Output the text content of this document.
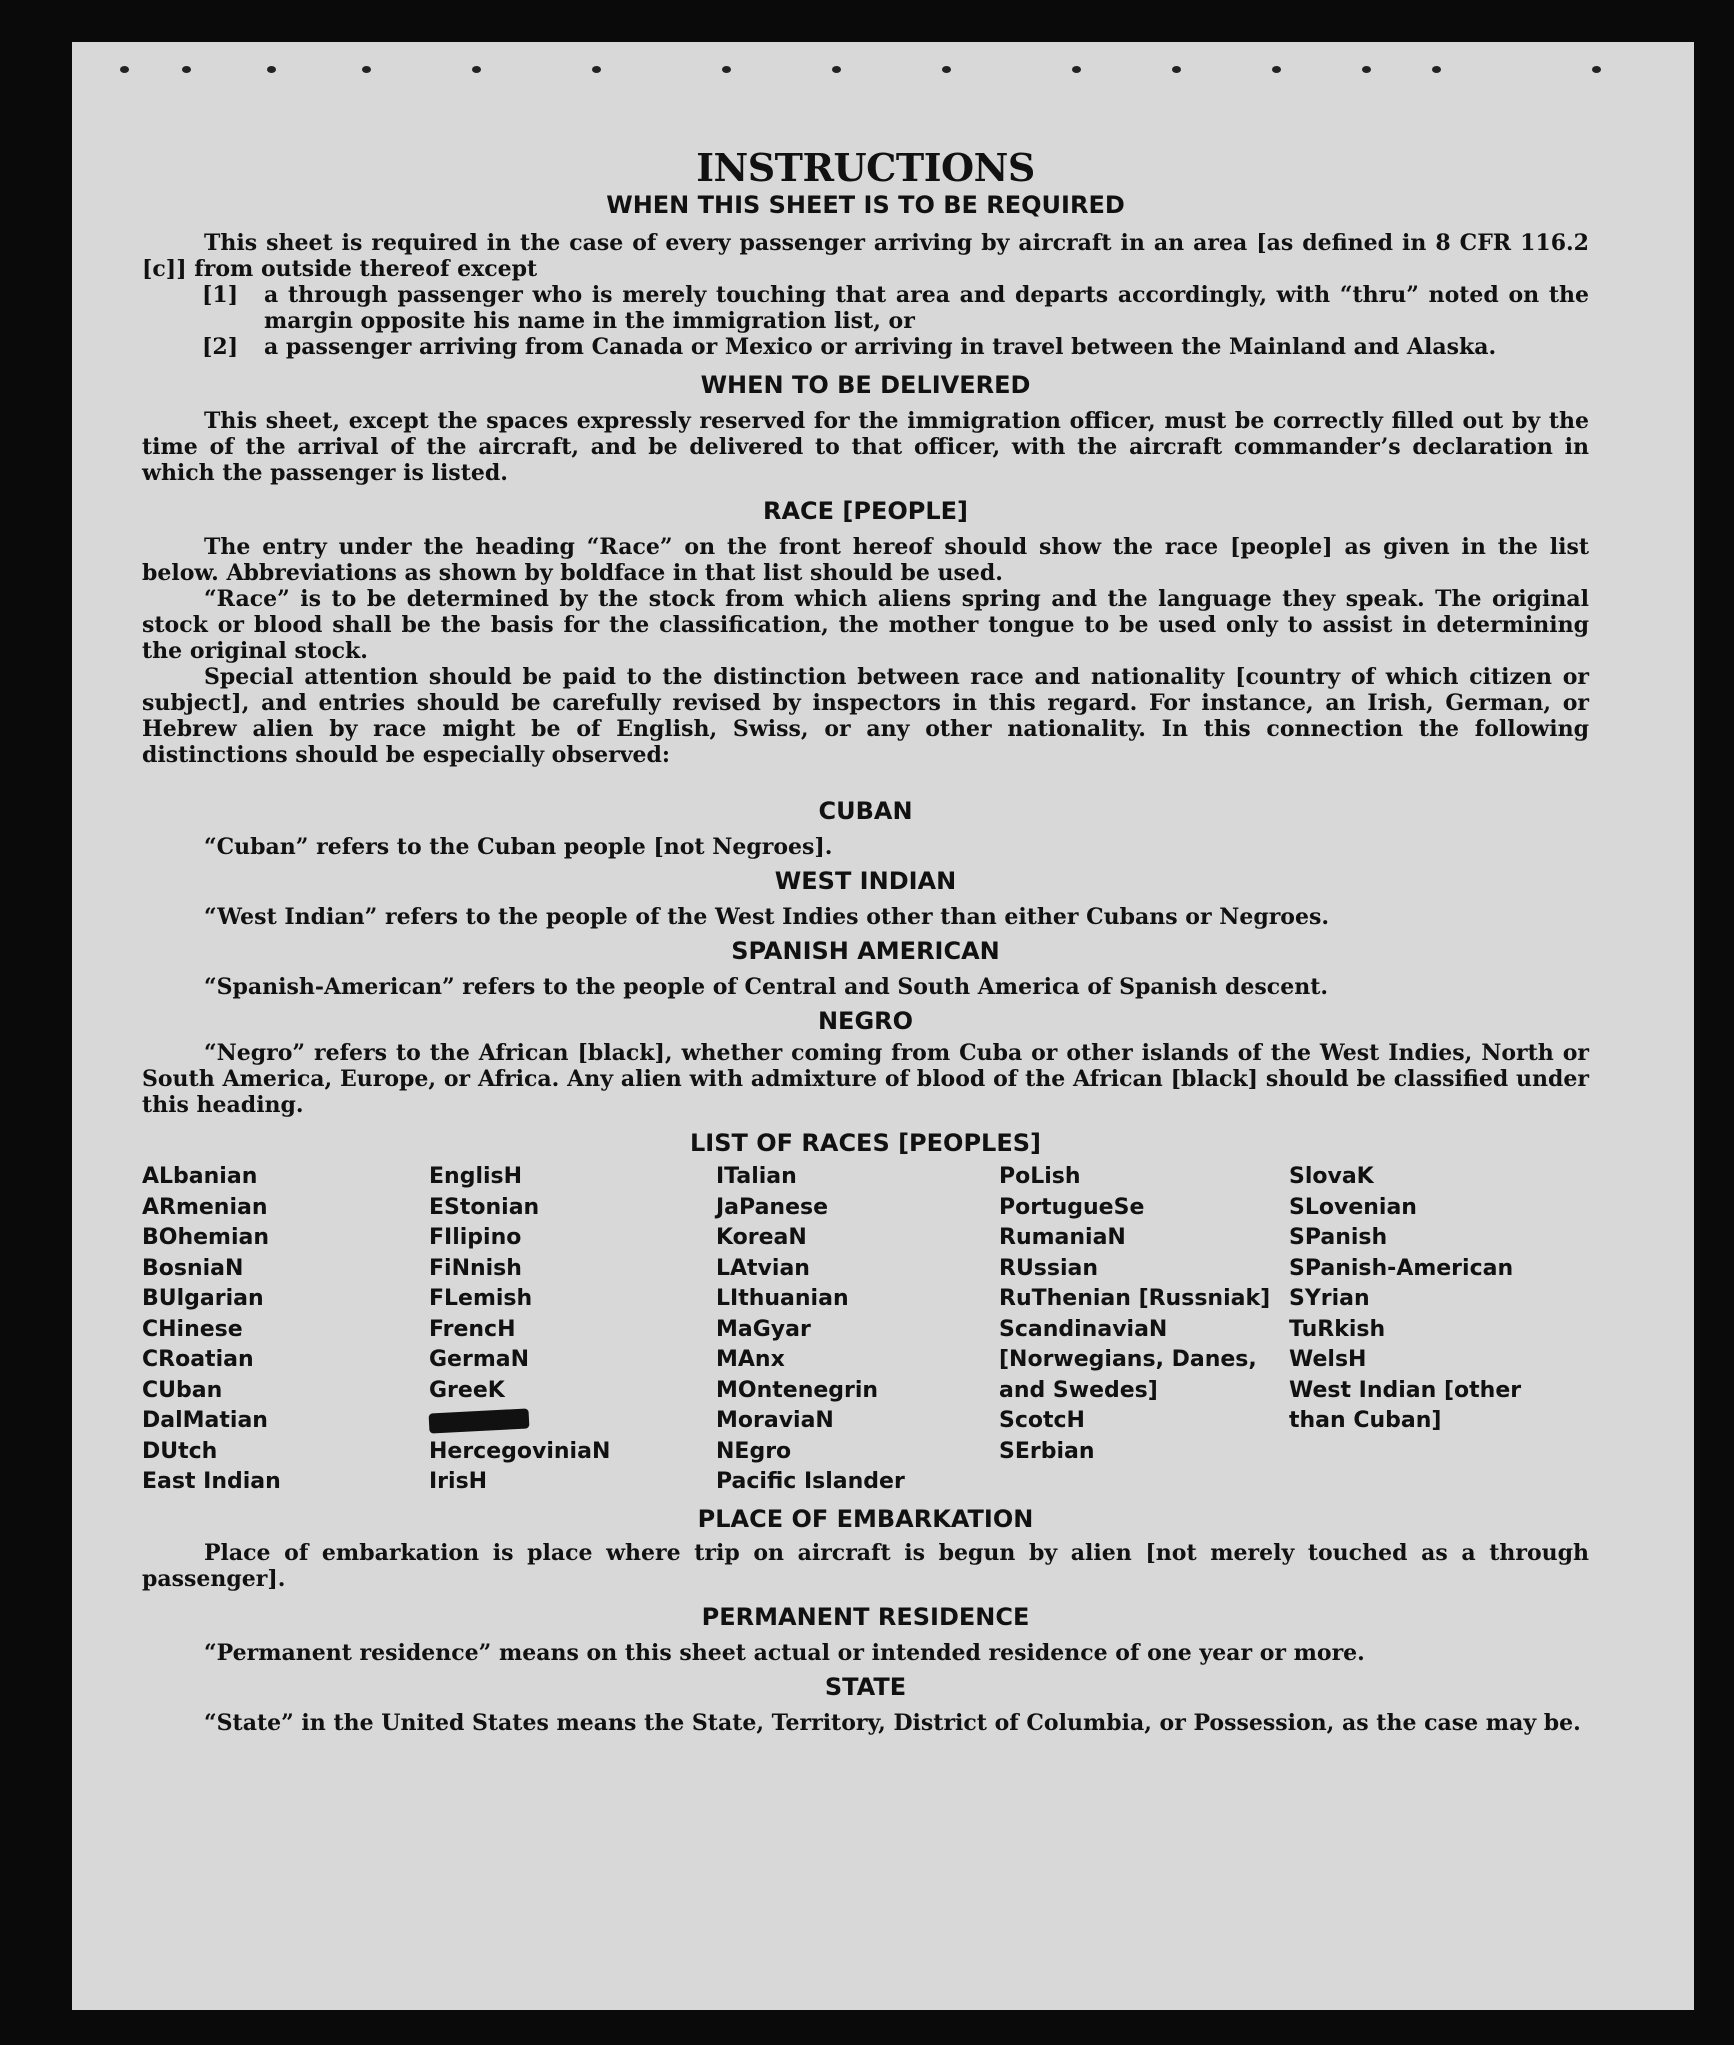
INSTRUCTIONS
WHEN THIS SHEET IS TO BE REQUIRED

This sheet is required in the case of every passenger arriving by aircraft in an area [as defined in 8 CFR 116.2 [c]] from outside thereof except

[1]	a through passenger who is merely touching that area and departs accordingly, with “thru” noted on the margin opposite his name in the immigration list, or
[2]	a passenger arriving from Canada or Mexico or arriving in travel between the Mainland and Alaska.
WHEN TO BE DELIVERED

This sheet, except the spaces expressly reserved for the immigration officer, must be correctly filled out by the time of the arrival of the aircraft, and be delivered to that officer, with the aircraft commander’s declaration in which the passenger is listed.

RACE [PEOPLE]

The entry under the heading “Race” on the front hereof should show the race [people] as given in the list below. Abbreviations as shown by boldface in that list should be used.

“Race” is to be determined by the stock from which aliens spring and the language they speak. The original stock or blood shall be the basis for the classification, the mother tongue to be used only to assist in determining the original stock.

Special attention should be paid to the distinction between race and nationality [country of which citizen or subject], and entries should be carefully revised by inspectors in this regard. For instance, an Irish, German, or Hebrew alien by race might be of English, Swiss, or any other nationality. In this connection the following distinctions should be especially observed:

CUBAN

“Cuban” refers to the Cuban people [not Negroes].

WEST INDIAN

“West Indian” refers to the people of the West Indies other than either Cubans or Negroes.

SPANISH AMERICAN

“Spanish-American” refers to the people of Central and South America of Spanish descent.

NEGRO

“Negro” refers to the African [black], whether coming from Cuba or other islands of the West Indies, North or South America, Europe, or Africa. Any alien with admixture of blood of the African [black] should be classified under this heading.

LIST OF RACES [PEOPLES]
ALbanian
ARmenian
BOhemian
BosniaN
BUlgarian
CHinese
CRoatian
CUban
DalMatian
DUtch
East Indian
EnglisH
EStonian
FIlipino
FiNnish
FLemish
FrencH
GermaN
GreeK
HercegoviniaN
IrisH
ITalian
JaPanese
KoreaN
LAtvian
LIthuanian
MaGyar
MAnx
MOntenegrin
MoraviaN
NEgro
Pacific Islander
PoLish
PortugueSe
RumaniaN
RUssian
RuThenian [Russniak]
ScandinaviaN [Norwegians, Danes, and Swedes]
ScotcH
SErbian
SlovaK
SLovenian
SPanish
SPanish-American
SYrian
TuRkish
WelsH
West Indian [other than Cuban]
PLACE OF EMBARKATION

Place of embarkation is place where trip on aircraft is begun by alien [not merely touched as a through passenger].

PERMANENT RESIDENCE

“Permanent residence” means on this sheet actual or intended residence of one year or more.

STATE

“State” in the United States means the State, Territory, District of Columbia, or Possession, as the case may be.
